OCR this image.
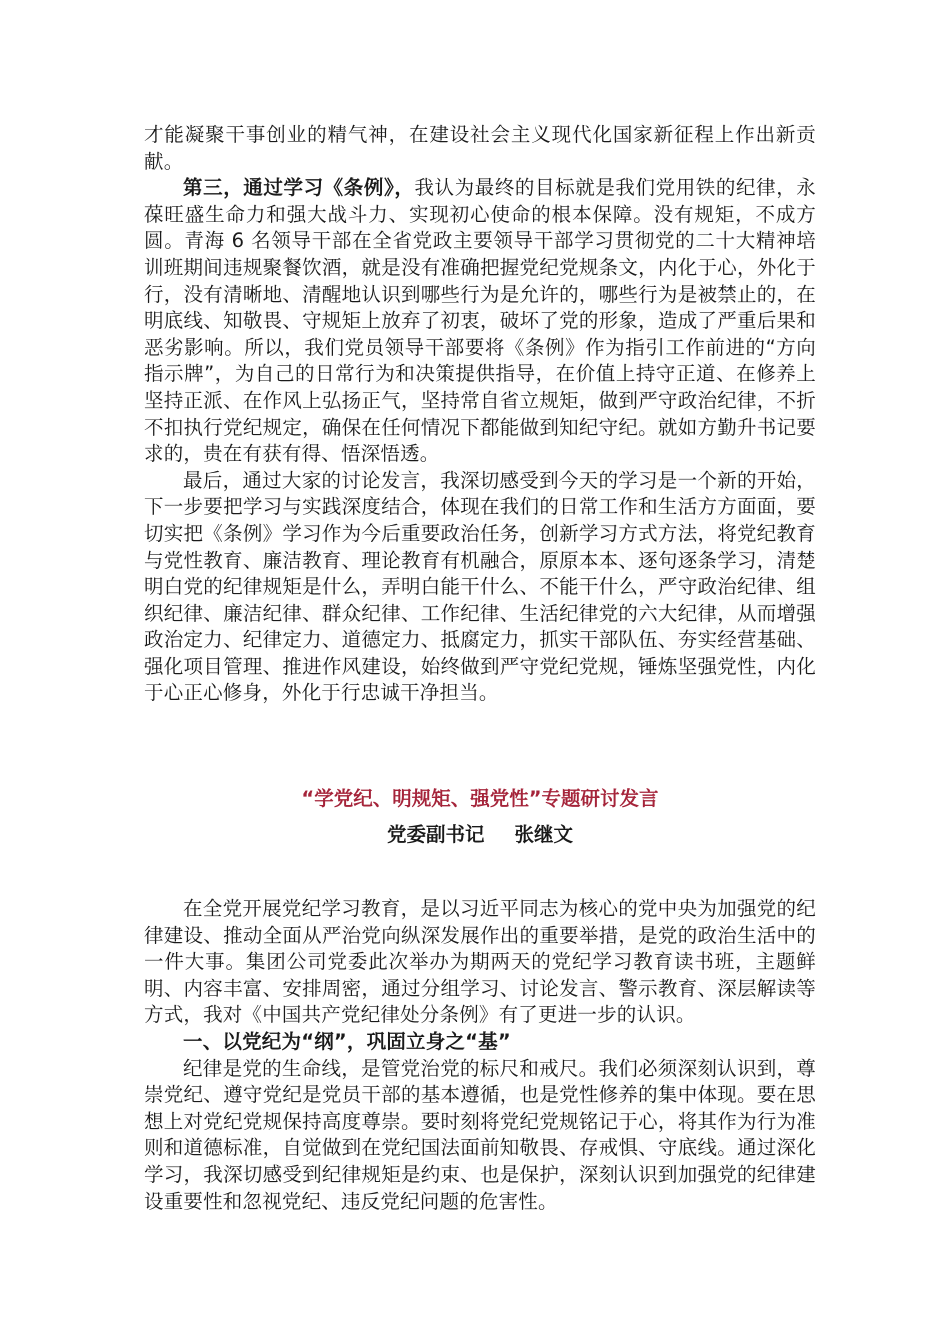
才能凝聚干事创业的精气神，在建设社会主义现代化国家新征程上作出新贡献。

第三，通过学习《条例》，我认为最终的目标就是我们党用铁的纪律，永葆旺盛生命力和强大战斗力、实现初心使命的根本保障。没有规矩，不成方圆。青海 6 名领导干部在全省党政主要领导干部学习贯彻党的二十大精神培训班期间违规聚餐饮酒，就是没有准确把握党纪党规条文，内化于心，外化于行，没有清晰地、清醒地认识到哪些行为是允许的，哪些行为是被禁止的，在明底线、知敬畏、守规矩上放弃了初衷，破坏了党的形象，造成了严重后果和恶劣影响。所以，我们党员领导干部要将《条例》作为指引工作前进的“方向指示牌”，为自己的日常行为和决策提供指导，在价值上持守正道、在修养上坚持正派、在作风上弘扬正气，坚持常自省立规矩，做到严守政治纪律，不折不扣执行党纪规定，确保在任何情况下都能做到知纪守纪。就如方勤升书记要求的，贵在有获有得、悟深悟透。

最后，通过大家的讨论发言，我深切感受到今天的学习是一个新的开始，下一步要把学习与实践深度结合，体现在我们的日常工作和生活方方面面，要切实把《条例》学习作为今后重要政治任务，创新学习方式方法，将党纪教育与党性教育、廉洁教育、理论教育有机融合，原原本本、逐句逐条学习，清楚明白党的纪律规矩是什么，弄明白能干什么、不能干什么，严守政治纪律、组织纪律、廉洁纪律、群众纪律、工作纪律、生活纪律党的六大纪律，从而增强政治定力、纪律定力、道德定力、抵腐定力，抓实干部队伍、夯实经营基础、强化项目管理、推进作风建设，始终做到严守党纪党规，锤炼坚强党性，内化于心正心修身，外化于行忠诚干净担当。

“学党纪、明规矩、强党性”专题研讨发言
党委副书记 张继文

在全党开展党纪学习教育，是以习近平同志为核心的党中央为加强党的纪律建设、推动全面从严治党向纵深发展作出的重要举措，是党的政治生活中的一件大事。集团公司党委此次举办为期两天的党纪学习教育读书班，主题鲜明、内容丰富、安排周密，通过分组学习、讨论发言、警示教育、深层解读等方式，我对《中国共产党纪律处分条例》有了更进一步的认识。

一、以党纪为“纲”，巩固立身之“基”

纪律是党的生命线，是管党治党的标尺和戒尺。我们必须深刻认识到，尊崇党纪、遵守党纪是党员干部的基本遵循，也是党性修养的集中体现。要在思想上对党纪党规保持高度尊崇。要时刻将党纪党规铭记于心，将其作为行为准则和道德标准，自觉做到在党纪国法面前知敬畏、存戒惧、守底线。通过深化学习，我深切感受到纪律规矩是约束、也是保护，深刻认识到加强党的纪律建设重要性和忽视党纪、违反党纪问题的危害性。
